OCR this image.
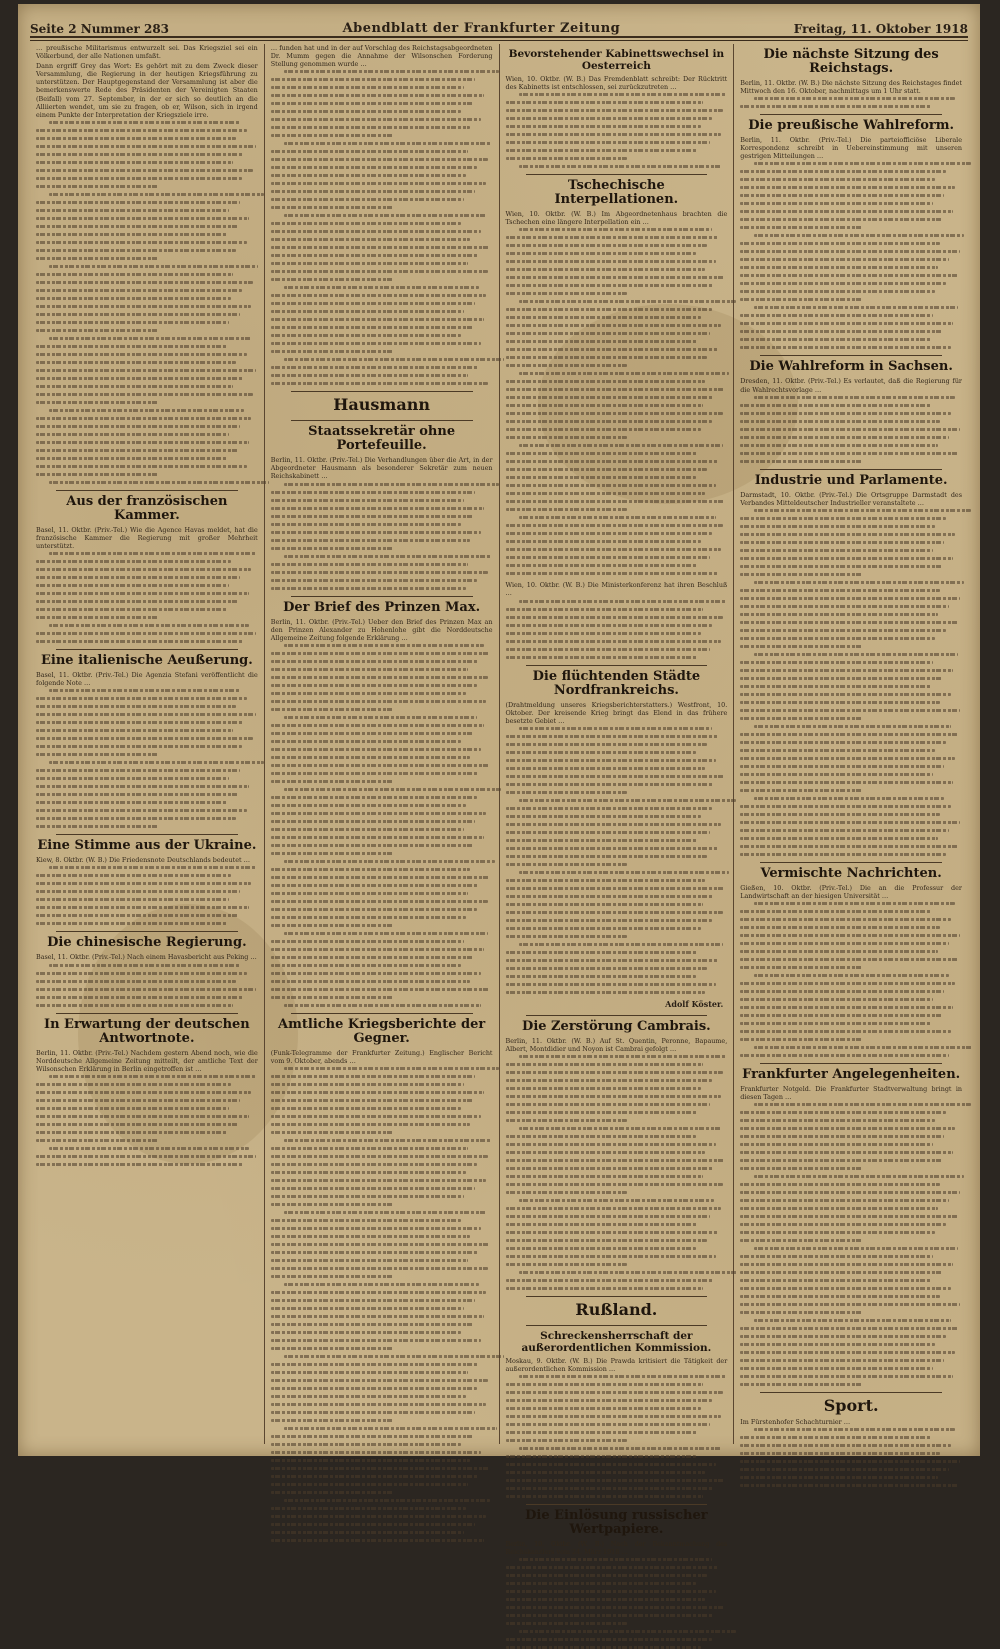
Seite 2 Nummer 283	Abendblatt der Frankfurter Zeitung	Freitag, 11. Oktober 1918

… preußische Militarismus entwurzelt sei. Das Kriegsziel sei ein Völkerbund, der alle Nationen umfaßt.

Dann ergriff Grey das Wort: Es gehört mit zu dem Zweck dieser Versammlung, die Regierung in der heutigen Kriegsführung zu unterstützen. Der Hauptgegenstand der Versammlung ist aber die bemerkenswerte Rede des Präsidenten der Vereinigten Staaten (Beifall) vom 27. September, in der er sich so deutlich an die Alliierten wendet, um sie zu fragen, ob er, Wilson, sich in irgend einem Punkte der Interpretation der Kriegsziele irre.

Aus der französischen Kammer.

Basel, 11. Oktbr. (Priv.-Tel.) Wie die Agence Havas meldet, hat die französische Kammer die Regierung mit großer Mehrheit unterstützt.

Eine italienische Aeußerung.

Basel, 11. Oktbr. (Priv.-Tel.) Die Agenzia Stefani veröffentlicht die folgende Note …

Eine Stimme aus der Ukraine.

Kiew, 8. Oktbr. (W. B.) Die Friedensnote Deutschlands bedeutet …

Die chinesische Regierung.

Basel, 11. Oktbr. (Priv.-Tel.) Nach einem Havasbericht aus Peking …

In Erwartung der deutschen Antwortnote.

Berlin, 11. Oktbr. (Priv.-Tel.) Nachdem gestern Abend noch, wie die Norddeutsche Allgemeine Zeitung mitteilt, der amtliche Text der Wilsonschen Erklärung in Berlin eingetroffen ist …

… funden hat und in der auf Vorschlag des Reichstagsabgeordneten Dr. Mumm gegen die Annahme der Wilsonschen Forderung Stellung genommen wurde …

Hausmann
Staatssekretär ohne Portefeuille.

Berlin, 11. Oktbr. (Priv.-Tel.) Die Verhandlungen über die Art, in der Abgeordneter Hausmann als besonderer Sekretär zum neuen Reichskabinett …

Der Brief des Prinzen Max.

Berlin, 11. Oktbr. (Priv.-Tel.) Ueber den Brief des Prinzen Max an den Prinzen Alexander zu Hohenlohe gibt die Norddeutsche Allgemeine Zeitung folgende Erklärung …

Amtliche Kriegsberichte der Gegner.

(Funk-Telegramme der Frankfurter Zeitung.) Englischer Bericht vom 9. Oktober, abends …

Bevorstehender Kabinettswechsel in Oesterreich

Wien, 10. Oktbr. (W. B.) Das Fremdenblatt schreibt: Der Rücktritt des Kabinetts ist entschlossen, sei zurückzutreten …

Tschechische Interpellationen.

Wien, 10. Oktbr. (W. B.) Im Abgeordnetenhaus brachten die Tschechen eine längere Interpellation ein …

Wien, 10. Oktbr. (W. B.) Die Ministerkonferenz hat ihren Beschluß …

Die flüchtenden Städte Nordfrankreichs.

(Drahtmeldung unseres Kriegsberichterstatters.) Westfront, 10. Oktober. Der kreisende Krieg bringt das Elend in das frühere besetzte Gebiet …

Adolf Köster.
Die Zerstörung Cambrais.

Berlin, 11. Oktbr. (W. B.) Auf St. Quentin, Peronne, Bapaume, Albert, Montdidier und Noyon ist Cambrai gefolgt …

Rußland.
Schreckensherrschaft der außerordentlichen Kommission.

Moskau, 9. Oktbr. (W. B.) Die Prawda kritisiert die Tätigkeit der außerordentlichen Kommission …

Die Einlösung russischer Wertpapiere.

Berlin, 10. Oktbr. (W. B.) Nach der Bekanntmachung des Reichskanzlers vom 24. März 1918 …

Die nächste Sitzung des Reichstags.

Berlin, 11. Oktbr. (W. B.) Die nächste Sitzung des Reichstages findet Mittwoch den 16. Oktober, nachmittags um 1 Uhr statt.

Die preußische Wahlreform.

Berlin, 11. Oktbr. (Priv.-Tel.) Die parteiofficiöse Liberale Korrespondenz schreibt in Uebereinstimmung mit unseren gestrigen Mitteilungen …

Die Wahlreform in Sachsen.

Dresden, 11. Oktbr. (Priv.-Tel.) Es verlautet, daß die Regierung für die Wahlrechtsvorlage …

Industrie und Parlamente.

Darmstadt, 10. Oktbr. (Priv.-Tel.) Die Ortsgruppe Darmstadt des Verbandes Mitteldeutscher Industrieller veranstaltete …

Vermischte Nachrichten.

Gießen, 10. Oktbr. (Priv.-Tel.) Die an die Professur der Landwirtschaft an der hiesigen Universität …

Frankfurter Angelegenheiten.

Frankfurter Notgeld. Die Frankfurter Stadtverwaltung bringt in diesen Tagen …

Sport.

Im Fürstenhofer Schachturnier …
